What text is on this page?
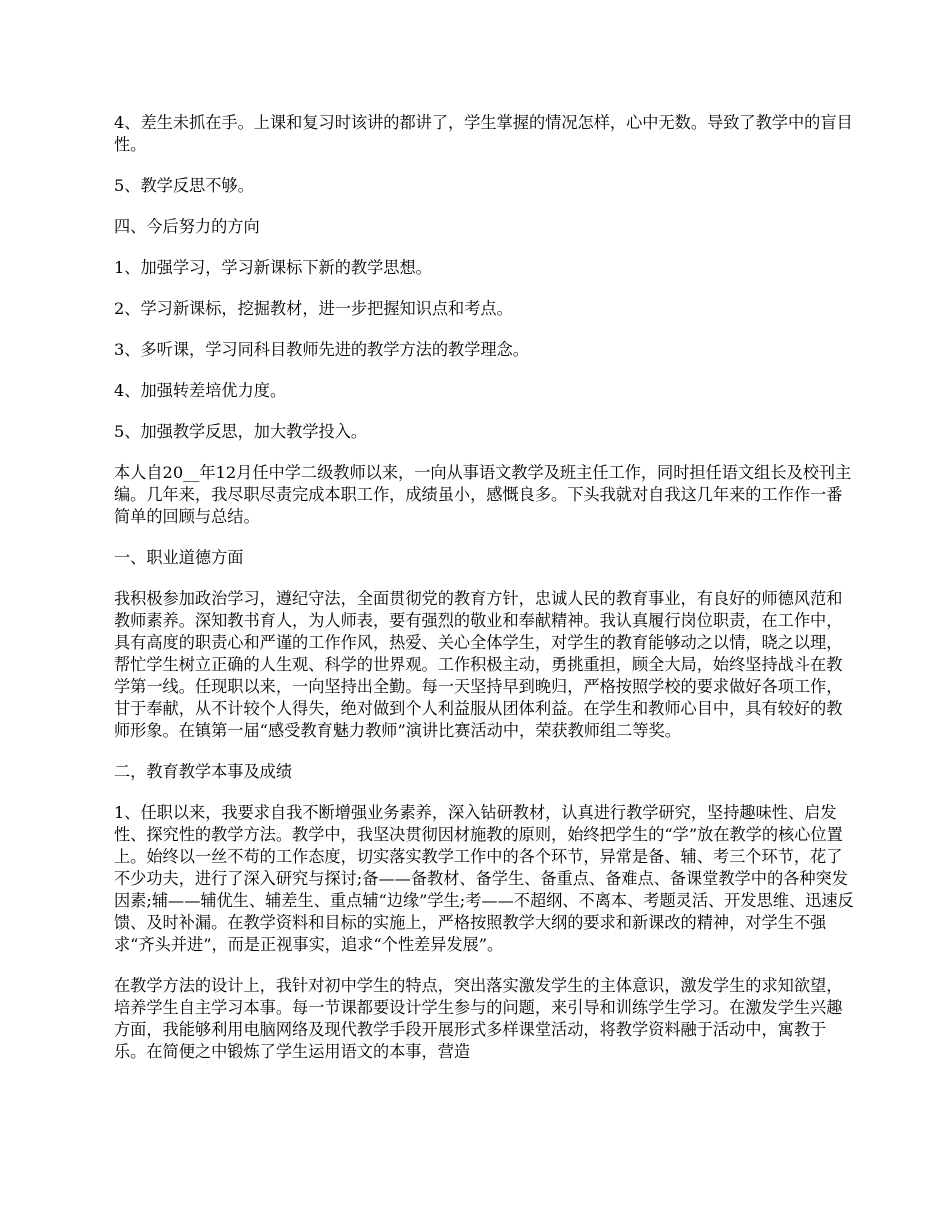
4、差生未抓在手。上课和复习时该讲的都讲了，学生掌握的情况怎样，心中无数。导致了教学中的盲目性。

5、教学反思不够。

四、今后努力的方向

1、加强学习，学习新课标下新的教学思想。

2、学习新课标，挖掘教材，进一步把握知识点和考点。

3、多听课，学习同科目教师先进的教学方法的教学理念。

4、加强转差培优力度。

5、加强教学反思，加大教学投入。

本人自20__年12月任中学二级教师以来，一向从事语文教学及班主任工作，同时担任语文组长及校刊主编。几年来，我尽职尽责完成本职工作，成绩虽小，感慨良多。下头我就对自我这几年来的工作作一番简单的回顾与总结。

一、职业道德方面

我积极参加政治学习，遵纪守法，全面贯彻党的教育方针，忠诚人民的教育事业，有良好的师德风范和教师素养。深知教书育人，为人师表，要有强烈的敬业和奉献精神。我认真履行岗位职责，在工作中，具有高度的职责心和严谨的工作作风，热爱、关心全体学生，对学生的教育能够动之以情，晓之以理，帮忙学生树立正确的人生观、科学的世界观。工作积极主动，勇挑重担，顾全大局，始终坚持战斗在教学第一线。任现职以来，一向坚持出全勤。每一天坚持早到晚归，严格按照学校的要求做好各项工作，甘于奉献，从不计较个人得失，绝对做到个人利益服从团体利益。在学生和教师心目中，具有较好的教师形象。在镇第一届“感受教育魅力教师”演讲比赛活动中，荣获教师组二等奖。

二，教育教学本事及成绩

1、任职以来，我要求自我不断增强业务素养，深入钻研教材，认真进行教学研究，坚持趣味性、启发性、探究性的教学方法。教学中，我坚决贯彻因材施教的原则，始终把学生的“学”放在教学的核心位置上。始终以一丝不苟的工作态度，切实落实教学工作中的各个环节，异常是备、辅、考三个环节，花了不少功夫，进行了深入研究与探讨;备——备教材、备学生、备重点、备难点、备课堂教学中的各种突发因素;辅——辅优生、辅差生、重点辅“边缘”学生;考——不超纲、不离本、考题灵活、开发思维、迅速反馈、及时补漏。在教学资料和目标的实施上，严格按照教学大纲的要求和新课改的精神，对学生不强求“齐头并进”，而是正视事实，追求“个性差异发展”。

在教学方法的设计上，我针对初中学生的特点，突出落实激发学生的主体意识，激发学生的求知欲望，培养学生自主学习本事。每一节课都要设计学生参与的问题，来引导和训练学生学习。在激发学生兴趣方面，我能够利用电脑网络及现代教学手段开展形式多样课堂活动，将教学资料融于活动中，寓教于乐。在简便之中锻炼了学生运用语文的本事，营造
